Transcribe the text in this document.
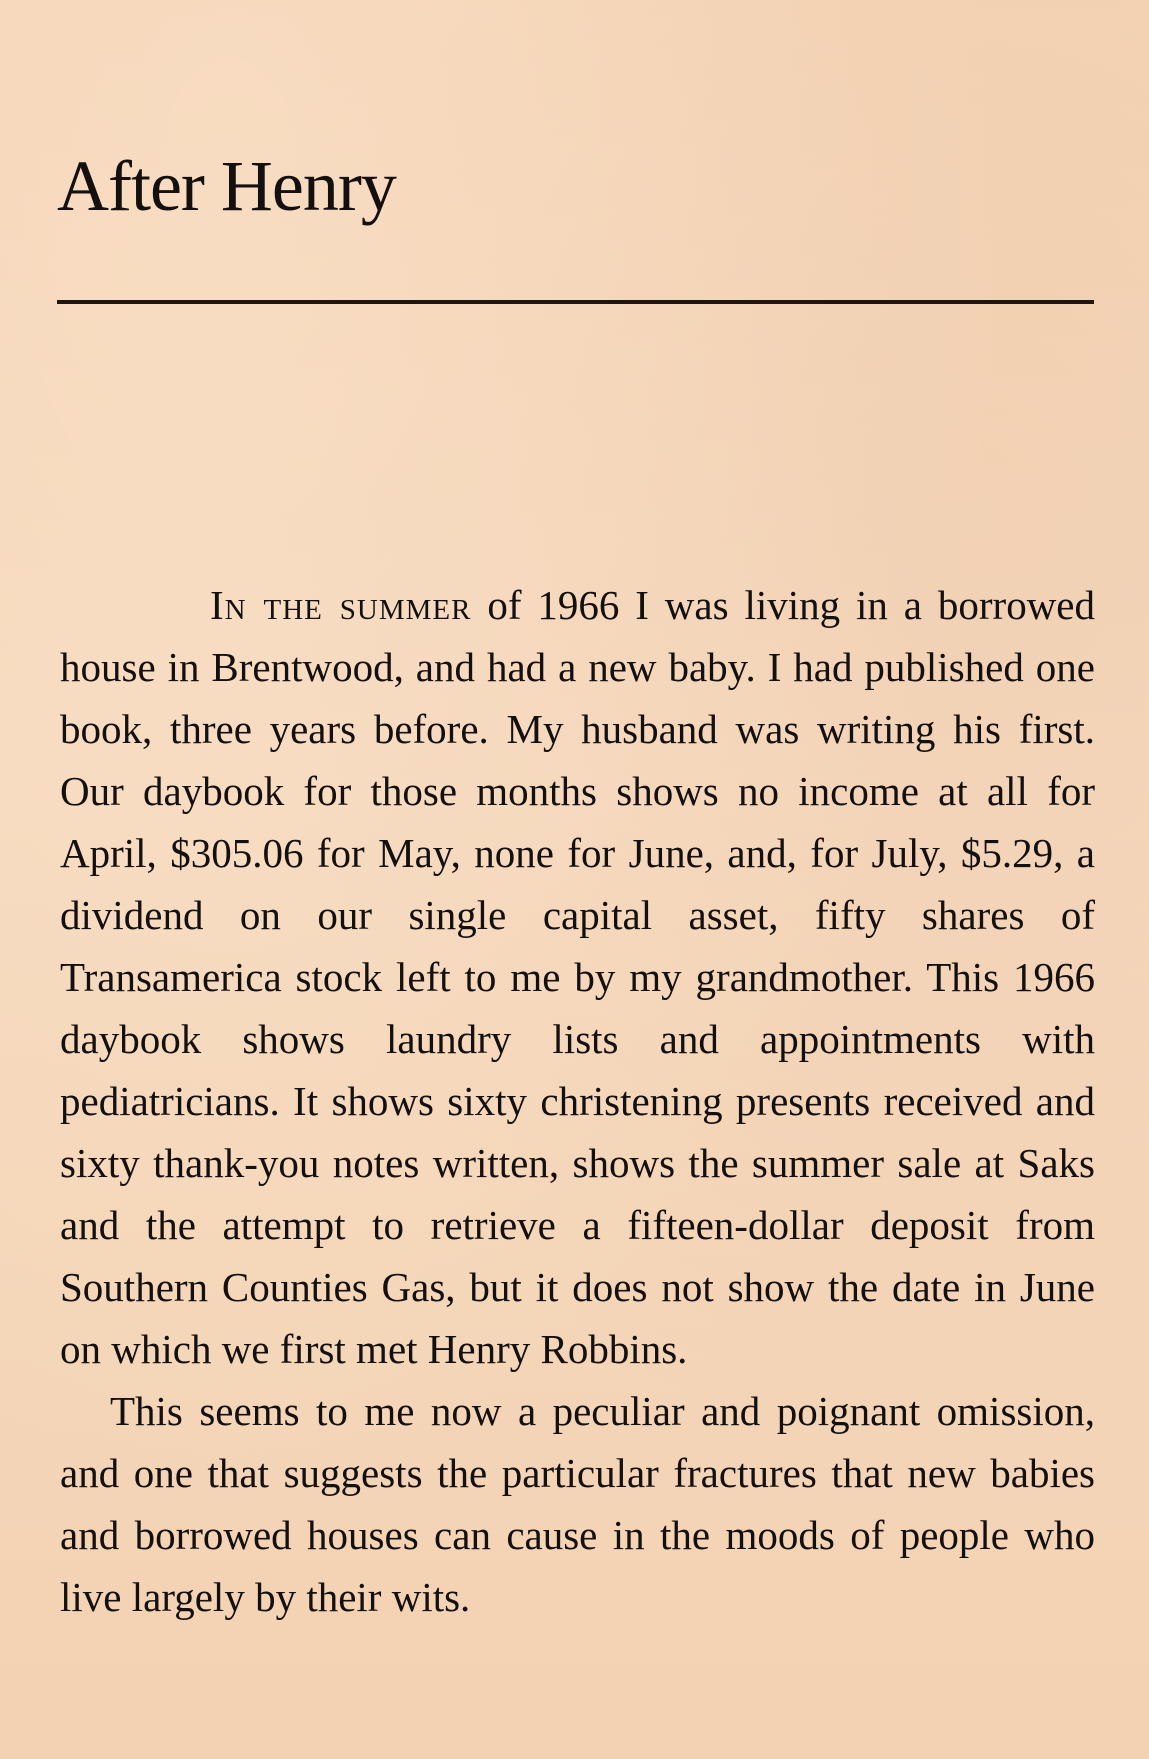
After Henry

In the summer of 1966 I was living in a borrowed house in Brentwood, and had a new baby. I had published one book, three years before. My husband was writing his first. Our daybook for those months shows no income at all for April, $305.06 for May, none for June, and, for July, $5.29, a dividend on our single capital asset, fifty shares of Transamerica stock left to me by my grandmother. This 1966 daybook shows laundry lists and appointments with pediatricians. It shows sixty christening presents received and sixty thank-you notes written, shows the summer sale at Saks and the attempt to retrieve a fifteen-dollar deposit from Southern Counties Gas, but it does not show the date in June on which we first met Henry Robbins.

This seems to me now a peculiar and poignant omission, and one that suggests the particular fractures that new babies and borrowed houses can cause in the moods of people who live largely by their wits.
